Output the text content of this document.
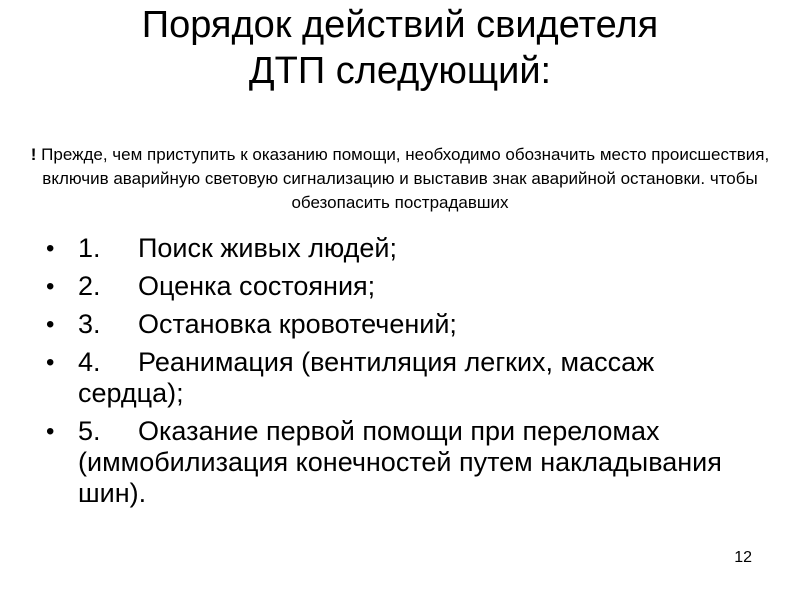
Порядок действий свидетеля
ДТП следующий:

! Прежде, чем приступить к оказанию помощи, необходимо обозначить место происшествия, включив аварийную световую сигнализацию и выставив знак аварийной остановки. чтобы обезопасить пострадавших

• 1. Поиск живых людей;
• 2. Оценка состояния;
• 3. Остановка кровотечений;
• 4. Реанимация (вентиляция легких, массаж сердца);
• 5. Оказание первой помощи при переломах (иммобилизация конечностей путем накладывания шин).
12
